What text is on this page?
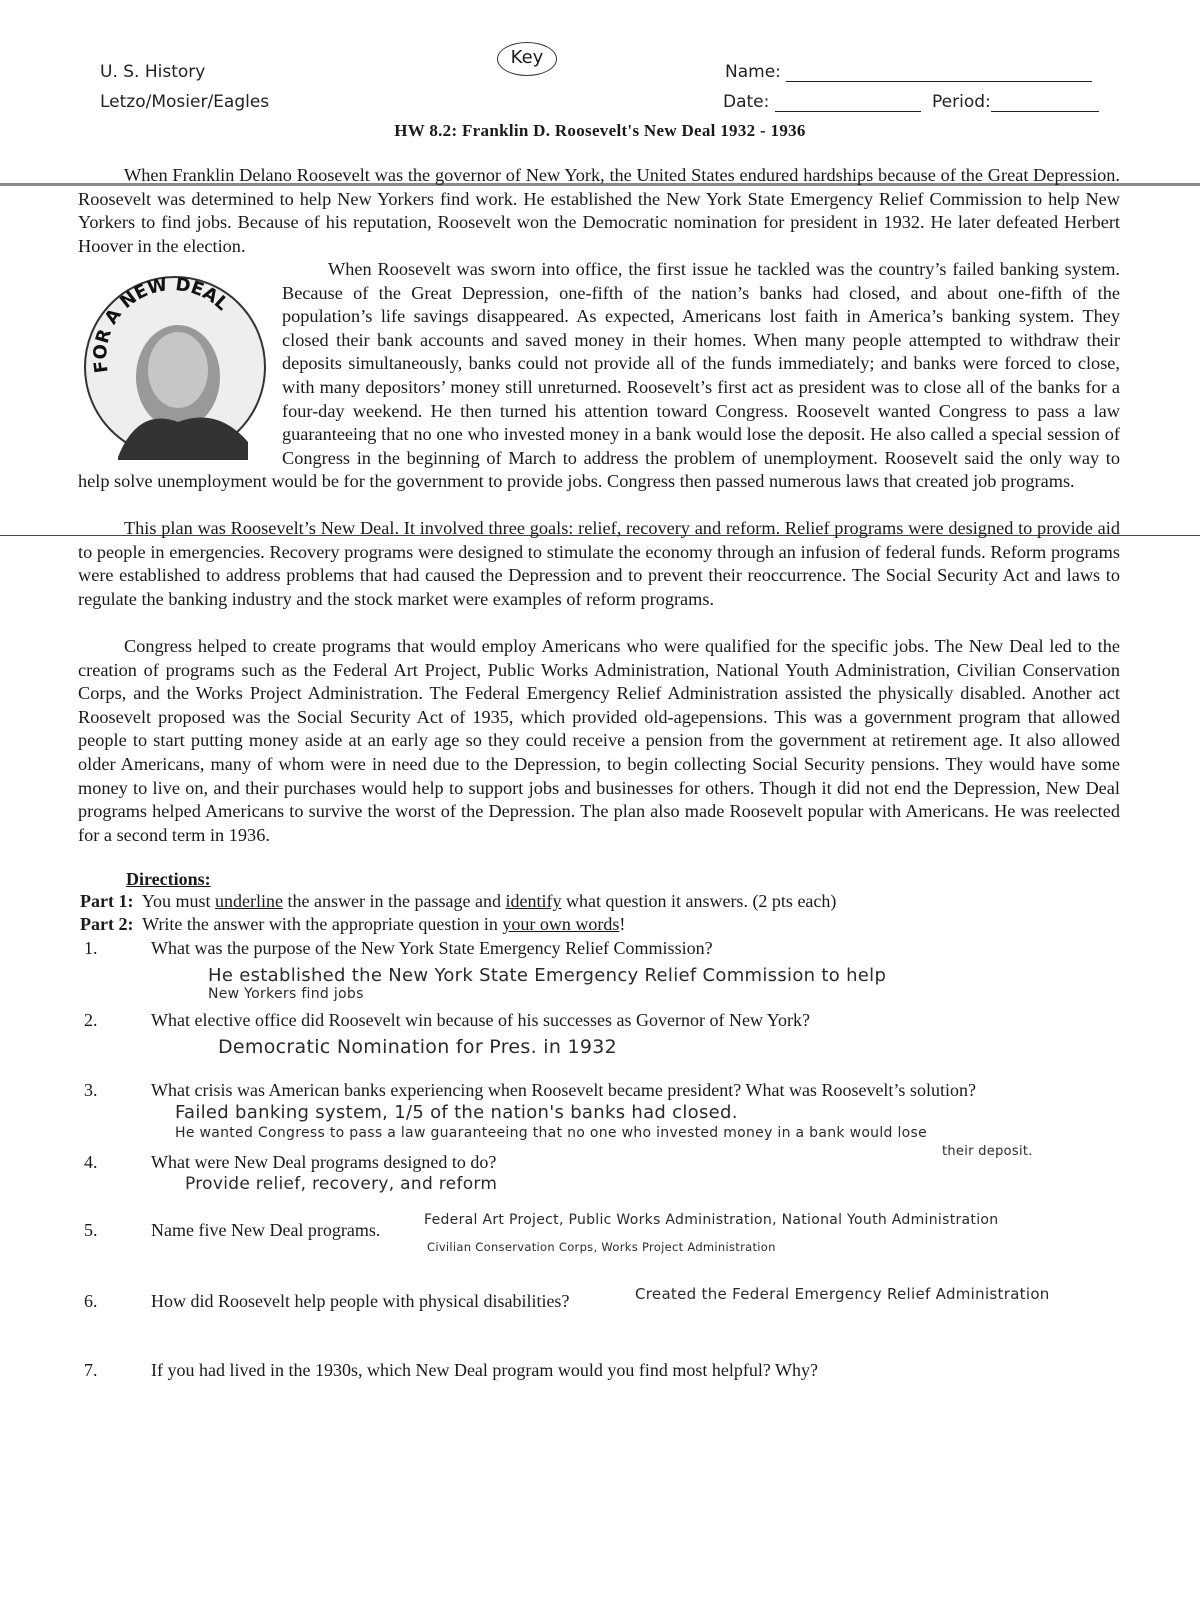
U. S. History
Letzo/Mosier/Eagles
Key
Name:
Date:	Period:
HW 8.2: Franklin D. Roosevelt's New Deal 1932 - 1936
When Franklin Delano Roosevelt was the governor of New York, the United States endured hardships because of the Great Depression. Roosevelt was determined to help New Yorkers find work. He established the New York State Emergency Relief Commission to help New Yorkers to find jobs. Because of his reputation, Roosevelt won the Democratic nomination for president in 1932. He later defeated Herbert Hoover in the election.
FOR A NEW DEAL
When Roosevelt was sworn into office, the first issue he tackled was the country’s failed banking system. Because of the Great Depression, one-fifth of the nation’s banks had closed, and about one-fifth of the population’s life savings disappeared. As expected, Americans lost faith in America’s banking system. They closed their bank accounts and saved money in their homes. When many people attempted to withdraw their deposits simultaneously, banks could not provide all of the funds immediately; and banks were forced to close, with many depositors’ money still unreturned. Roosevelt’s first act as president was to close all of the banks for a four-day weekend. He then turned his attention toward Congress. Roosevelt wanted Congress to pass a law guaranteeing that no one who invested money in a bank would lose the deposit. He also called a special session of Congress in the beginning of March to address the problem of unemployment. Roosevelt said the only way to help solve unemployment would be for the government to provide jobs. Congress then passed numerous laws that created job programs.
This plan was Roosevelt’s New Deal. It involved three goals: relief, recovery and reform. Relief programs were designed to provide aid to people in emergencies. Recovery programs were designed to stimulate the economy through an infusion of federal funds. Reform programs were established to address problems that had caused the Depression and to prevent their reoccurrence. The Social Security Act and laws to regulate the banking industry and the stock market were examples of reform programs.
Congress helped to create programs that would employ Americans who were qualified for the specific jobs. The New Deal led to the creation of programs such as the Federal Art Project, Public Works Administration, National Youth Administration, Civilian Conservation Corps, and the Works Project Administration. The Federal Emergency Relief Administration assisted the physically disabled. Another act Roosevelt proposed was the Social Security Act of 1935, which provided old-agepensions. This was a government program that allowed people to start putting money aside at an early age so they could receive a pension from the government at retirement age. It also allowed older Americans, many of whom were in need due to the Depression, to begin collecting Social Security pensions. They would have some money to live on, and their purchases would help to support jobs and businesses for others. Though it did not end the Depression, New Deal programs helped Americans to survive the worst of the Depression. The plan also made Roosevelt popular with Americans. He was reelected for a second term in 1936.
Directions:
Part 1: You must underline the answer in the passage and identify what question it answers. (2 pts each)
Part 2: Write the answer with the appropriate question in your own words!
1.	What was the purpose of the New York State Emergency Relief Commission?
He established the New York State Emergency Relief Commission to help
New Yorkers find jobs
2.	What elective office did Roosevelt win because of his successes as Governor of New York?
Democratic Nomination for Pres. in 1932
3.	What crisis was American banks experiencing when Roosevelt became president? What was Roosevelt’s solution?
Failed banking system, 1/5 of the nation's banks had closed.
He wanted Congress to pass a law guaranteeing that no one who invested money in a bank would lose
their deposit.
4.	What were New Deal programs designed to do?
Provide relief, recovery, and reform
5.	Name five New Deal programs.	Federal Art Project, Public Works Administration, National Youth Administration
Civilian Conservation Corps, Works Project Administration
6.	How did Roosevelt help people with physical disabilities?	Created the Federal Emergency Relief Administration
7.	If you had lived in the 1930s, which New Deal program would you find most helpful? Why?
